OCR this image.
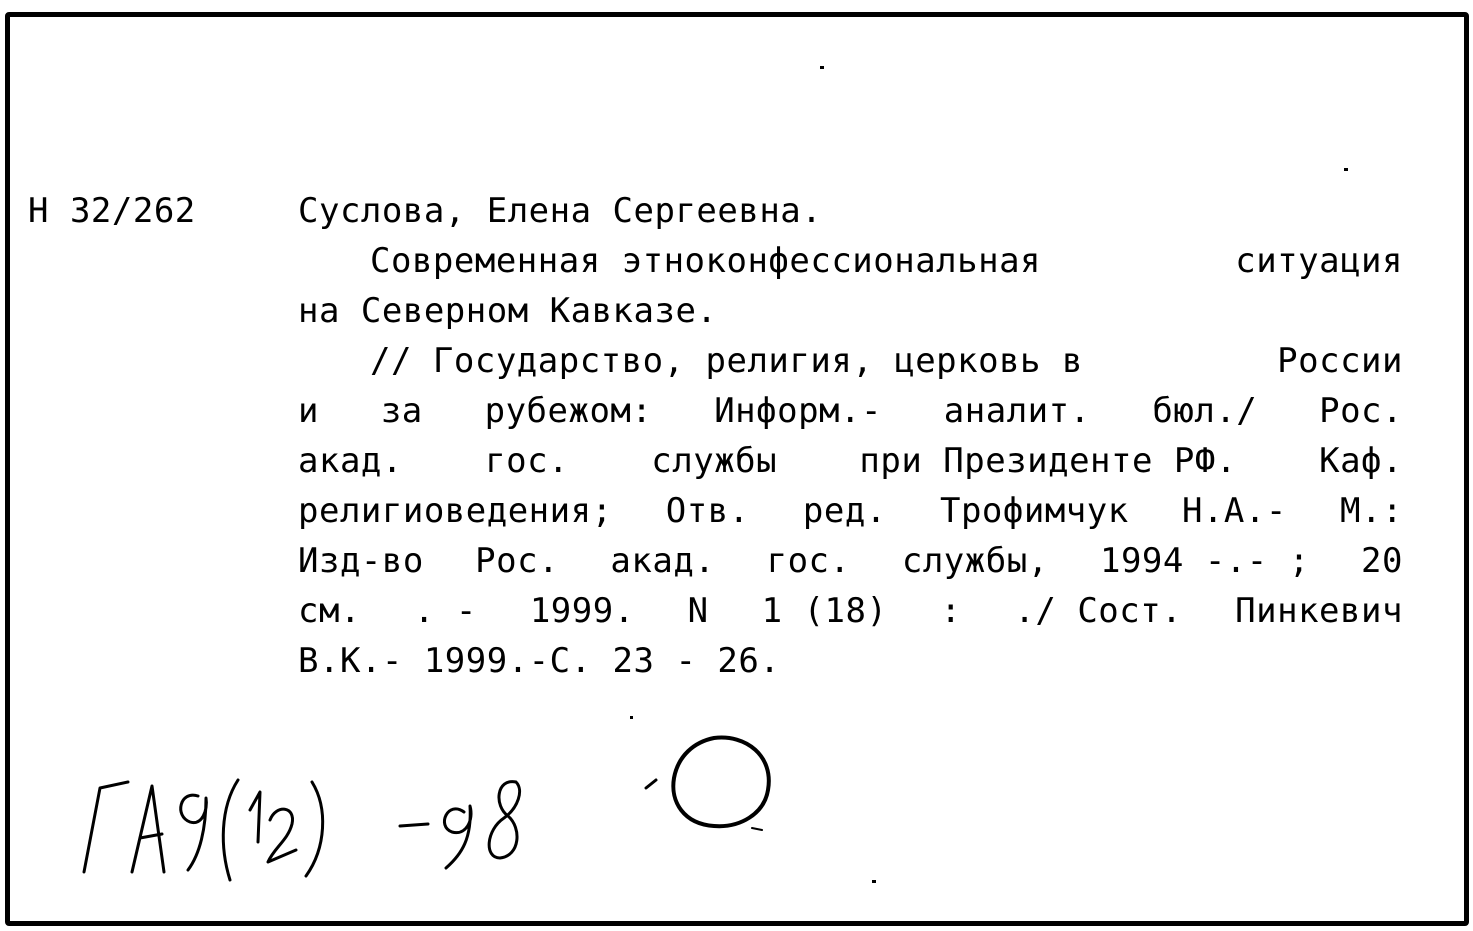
Н 32/262	Суслова, Елена Сергеевна.
Современная этноконфессиональная	ситуация
на Северном Кавказе.
// Государство, религия, церковь в	России
и за рубежом: Информ.- аналит. бюл./ Рос.
акад. гос. службы при Президенте РФ. Каф.
религиоведения; Отв. ред. Трофимчук Н.А.- М.:
Изд-во Рос. акад. гос. службы, 1994 -.- ; 20
см. . - 1999. N 1 (18) : ./ Сост. Пинкевич
В.К.- 1999.-С. 23 - 26.
